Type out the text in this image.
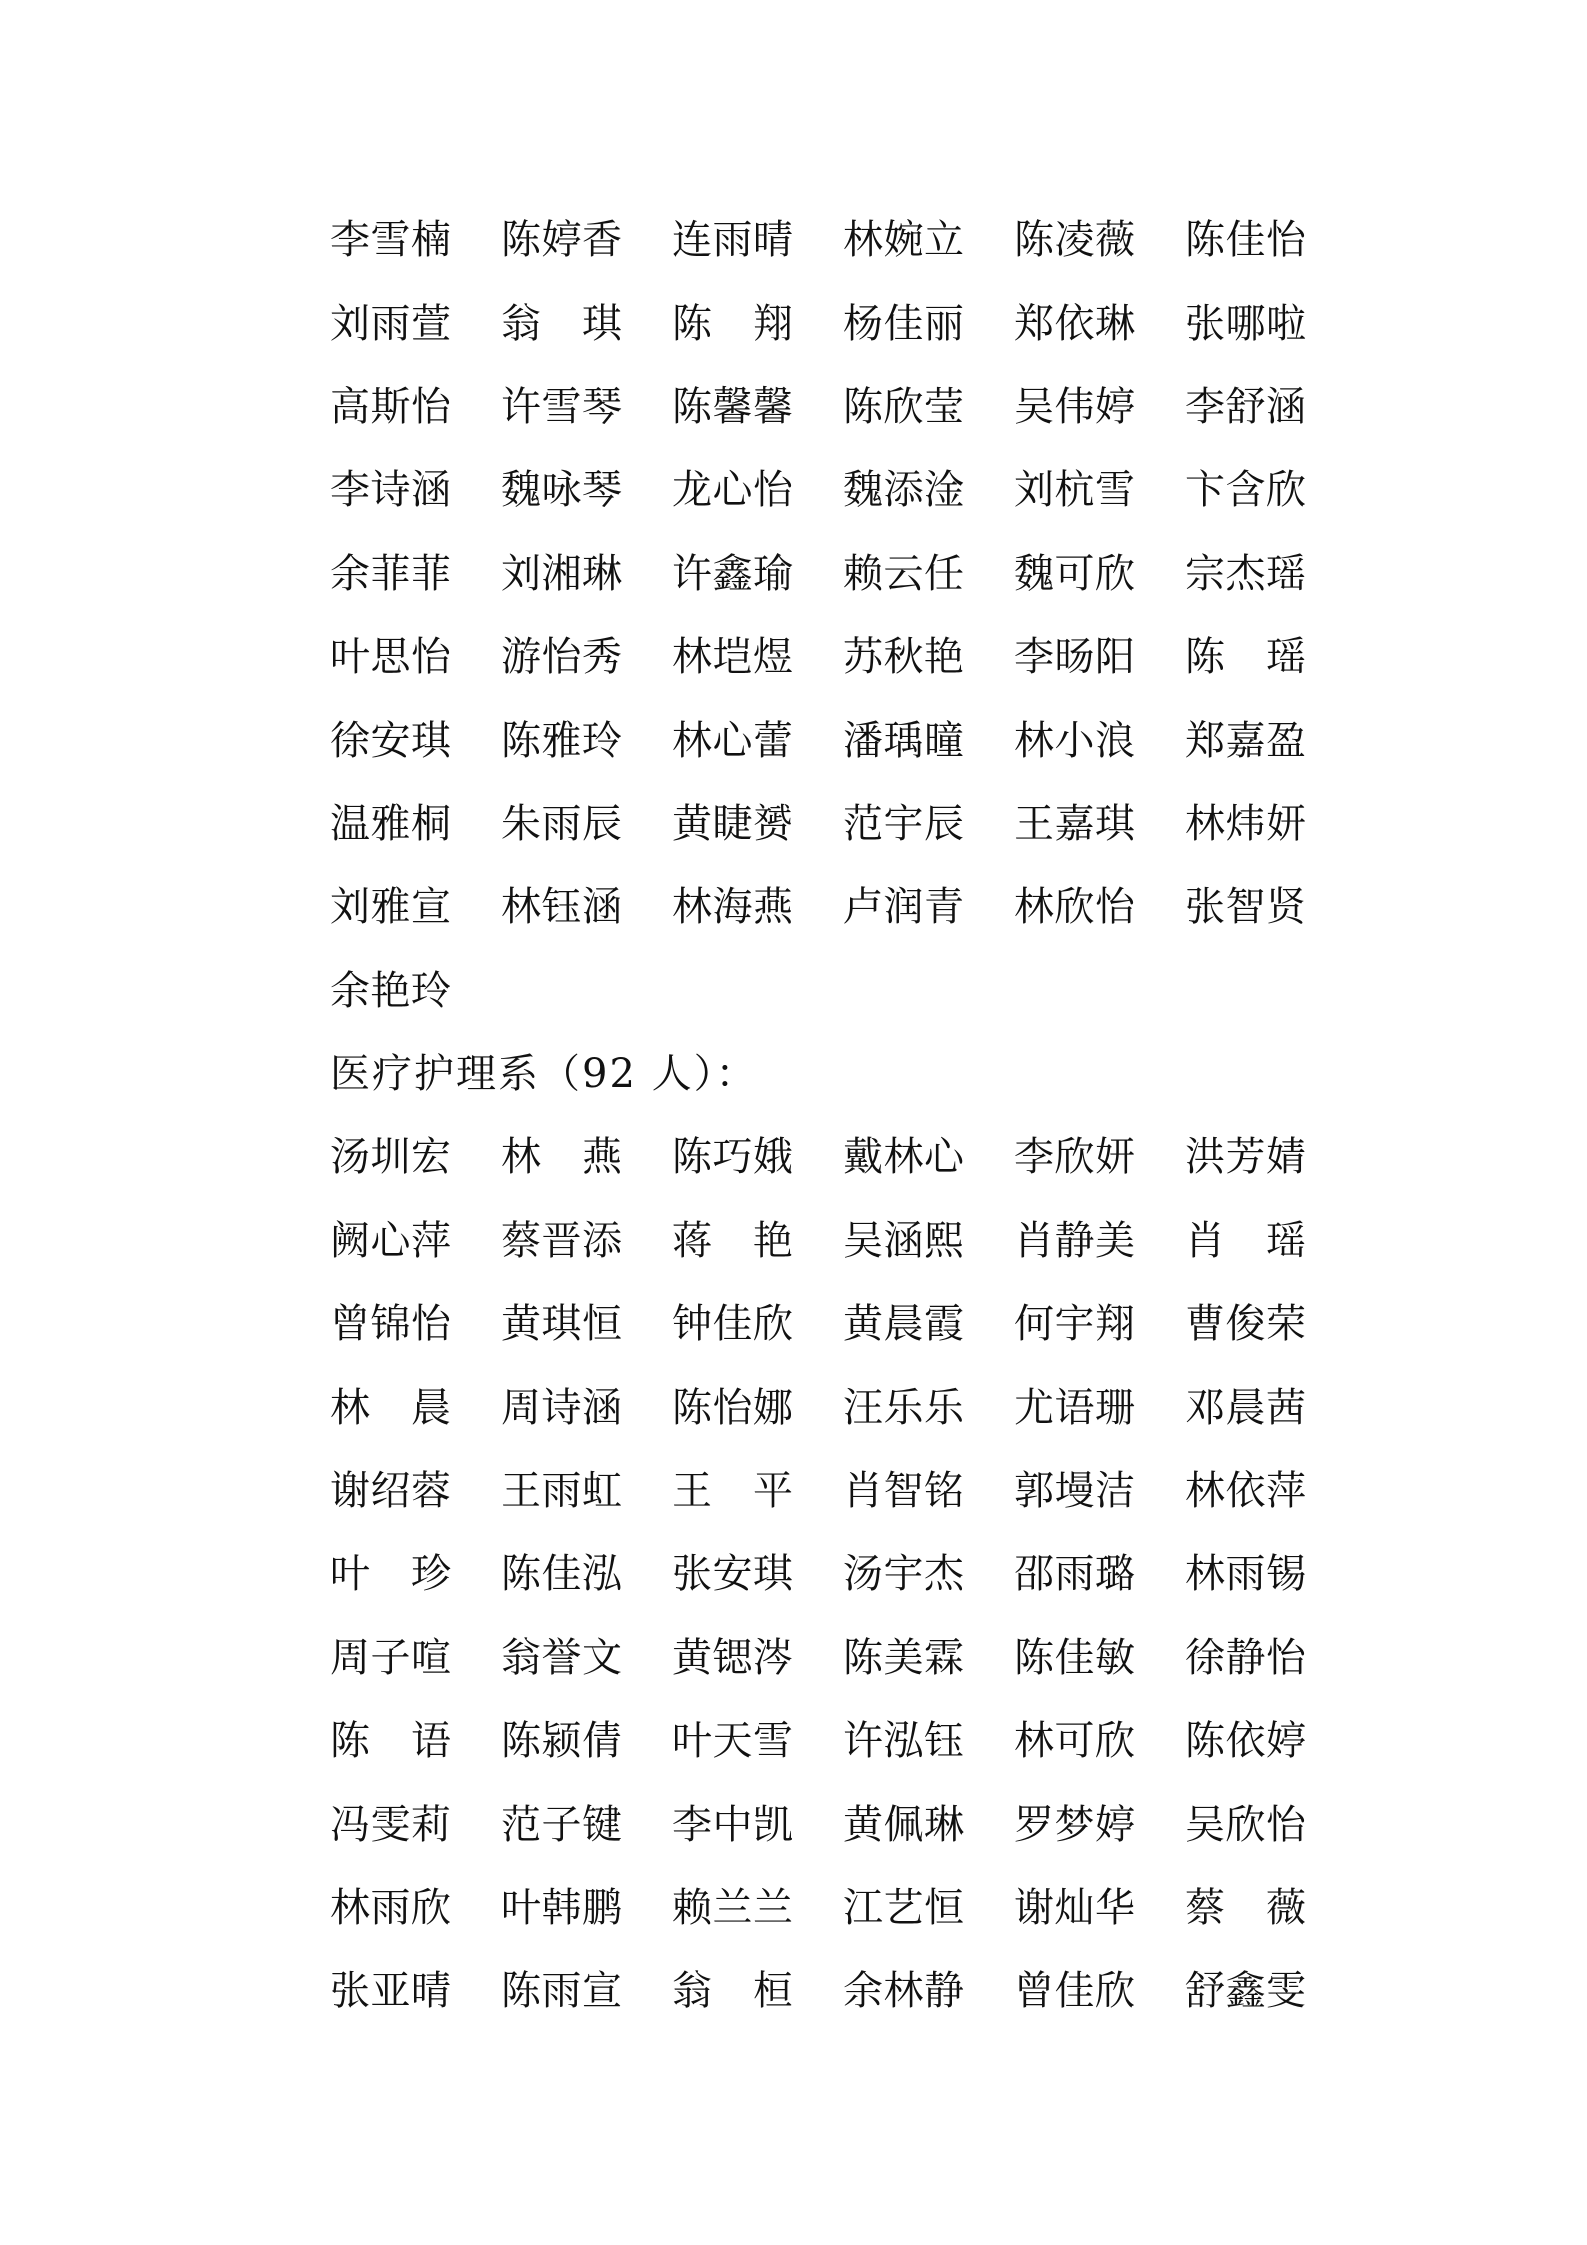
李雪楠	陈婷香	连雨晴	林婉立	陈凌薇	陈佳怡
刘雨萱	翁琪	陈翔	杨佳丽	郑依琳	张哪啦
高斯怡	许雪琴	陈馨馨	陈欣莹	吴伟婷	李舒涵
李诗涵	魏咏琴	龙心怡	魏添淦	刘杭雪	卞含欣
余菲菲	刘湘琳	许鑫瑜	赖云任	魏可欣	宗杰瑶
叶思怡	游怡秀	林垲煜	苏秋艳	李旸阳	陈瑶
徐安琪	陈雅玲	林心蕾	潘瑀曈	林小浪	郑嘉盈
温雅桐	朱雨辰	黄睫赟	范宇辰	王嘉琪	林炜妍
刘雅宣	林钰涵	林海燕	卢润青	林欣怡	张智贤
余艳玲
医疗护理系（92 人）：
汤圳宏	林燕	陈巧娥	戴林心	李欣妍	洪芳婧
阙心萍	蔡晋添	蒋艳	吴涵熙	肖静美	肖瑶
曾锦怡	黄琪恒	钟佳欣	黄晨霞	何宇翔	曹俊荣
林晨	周诗涵	陈怡娜	汪乐乐	尤语珊	邓晨茜
谢绍蓉	王雨虹	王平	肖智铭	郭墁洁	林依萍
叶珍	陈佳泓	张安琪	汤宇杰	邵雨璐	林雨锡
周子喧	翁誉文	黄锶涔	陈美霖	陈佳敏	徐静怡
陈语	陈颍倩	叶天雪	许泓钰	林可欣	陈依婷
冯雯莉	范子键	李中凯	黄佩琳	罗梦婷	吴欣怡
林雨欣	叶韩鹏	赖兰兰	江艺恒	谢灿华	蔡薇
张亚晴	陈雨宣	翁桓	余林静	曾佳欣	舒鑫雯
